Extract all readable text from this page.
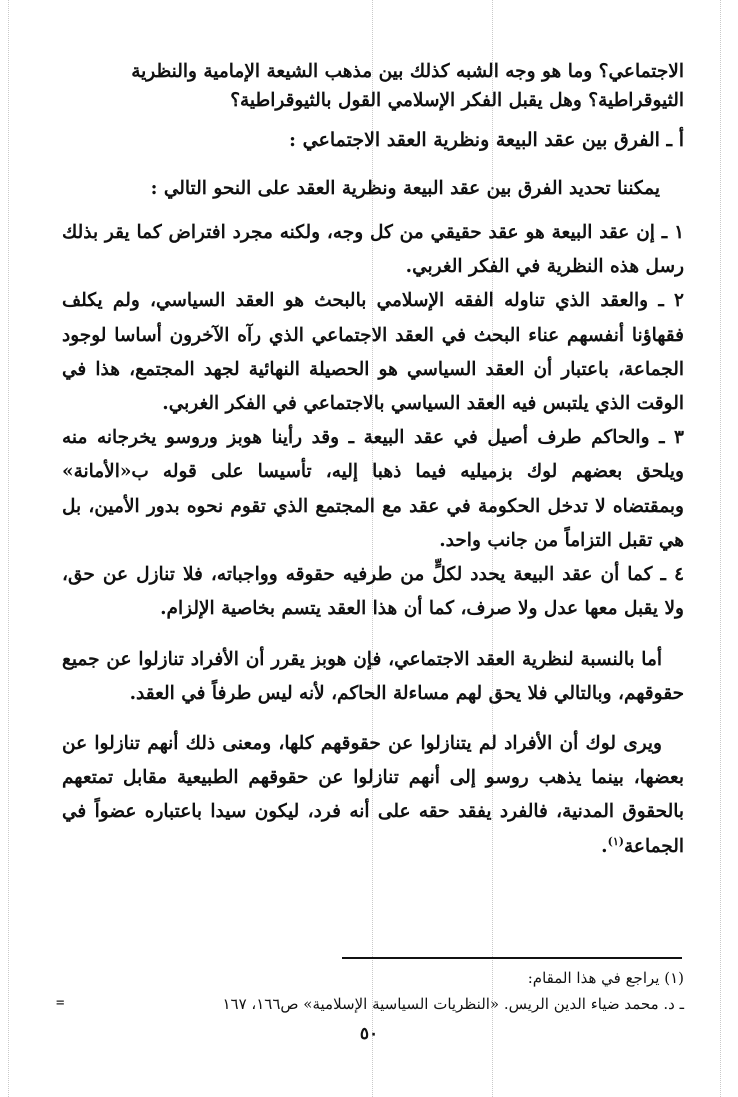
الاجتماعي؟ وما هو وجه الشبه كذلك بين مذهب الشيعة الإمامية والنظرية
الثيوقراطية؟ وهل يقبل الفكر الإسلامي القول بالثيوقراطية؟

أ ـ الفرق بين عقد البيعة ونظرية العقد الاجتماعي :

يمكننا تحديد الفرق بين عقد البيعة ونظرية العقد على النحو التالي :

١ ـ إن عقد البيعة هو عقد حقيقي من كل وجه، ولكنه مجرد افتراض كما يقر بذلك رسل هذه النظرية في الفكر الغربي.

٢ ـ والعقد الذي تناوله الفقه الإسلامي بالبحث هو العقد السياسي، ولم يكلف فقهاؤنا أنفسهم عناء البحث في العقد الاجتماعي الذي رآه الآخرون أساسا لوجود الجماعة، باعتبار أن العقد السياسي هو الحصيلة النهائية لجهد المجتمع، هذا في الوقت الذي يلتبس فيه العقد السياسي بالاجتماعي في الفكر الغربي.

٣ ـ والحاكم طرف أصيل في عقد البيعة ـ وقد رأينا هوبز وروسو يخرجانه منه ويلحق بعضهم لوك بزميليه فيما ذهبا إليه، تأسيسا على قوله ب«الأمانة» وبمقتضاه لا تدخل الحكومة في عقد مع المجتمع الذي تقوم نحوه بدور الأمين، بل هي تقبل التزاماً من جانب واحد.

٤ ـ كما أن عقد البيعة يحدد لكلٍّ من طرفيه حقوقه وواجباته، فلا تنازل عن حق، ولا يقبل معها عدل ولا صرف، كما أن هذا العقد يتسم بخاصية الإلزام.

أما بالنسبة لنظرية العقد الاجتماعي، فإن هوبز يقرر أن الأفراد تنازلوا عن جميع حقوقهم، وبالتالي فلا يحق لهم مساءلة الحاكم، لأنه ليس طرفاً في العقد.

ويرى لوك أن الأفراد لم يتنازلوا عن حقوقهم كلها، ومعنى ذلك أنهم تنازلوا عن بعضها، بينما يذهب روسو إلى أنهم تنازلوا عن حقوقهم الطبيعية مقابل تمتعهم بالحقوق المدنية، فالفرد يفقد حقه على أنه فرد، ليكون سيدا باعتباره عضواً في الجماعة$^{(١)}$.

(١) يراجع في هذا المقام:
ـ د. محمد ضياء الدين الريس. «النظريات السياسية الإسلامية» ص١٦٦، ١٦٧
=
٥٠
